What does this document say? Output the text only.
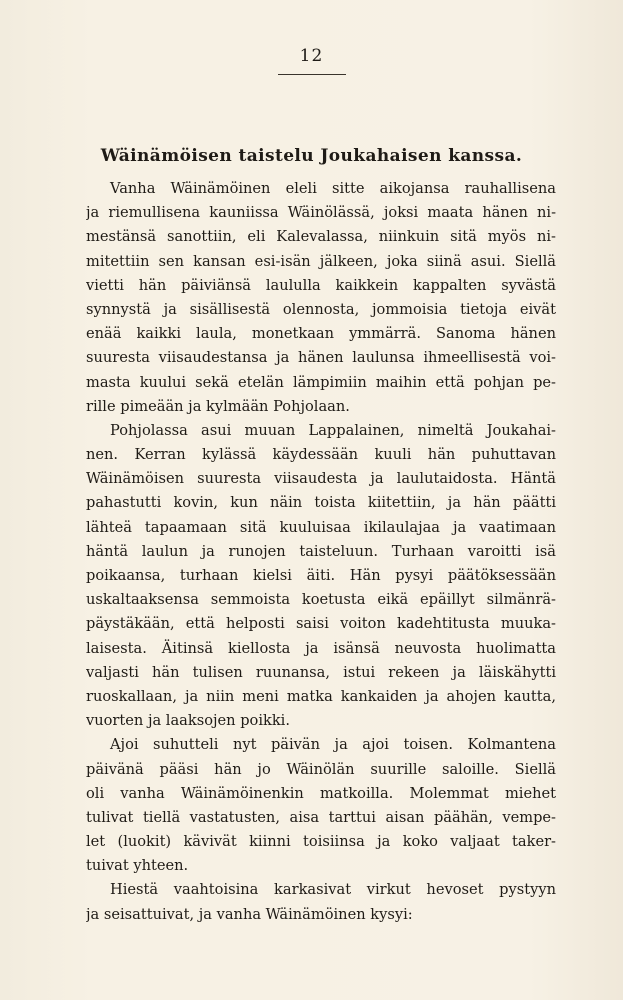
12
Wäinämöisen taistelu Joukahaisen kanssa.
Vanha Wäinämöinen eleli sitte aikojansa rauhallisena
ja riemullisena kauniissa Wäinölässä, joksi maata hänen ni-
mestänsä sanottiin, eli Kalevalassa, niinkuin sitä myös ni-
mitettiin sen kansan esi-isän jälkeen, joka siinä asui. Siellä
vietti hän päiviänsä laululla kaikkein kappalten syvästä
synnystä ja sisällisestä olennosta, jommoisia tietoja eivät
enää kaikki laula, monetkaan ymmärrä. Sanoma hänen
suuresta viisaudestansa ja hänen laulunsa ihmeellisestä voi-
masta kuului sekä etelän lämpimiin maihin että pohjan pe-
rille pimeään ja kylmään Pohjolaan.
Pohjolassa asui muuan Lappalainen, nimeltä Joukahai-
nen. Kerran kylässä käydessään kuuli hän puhuttavan
Wäinämöisen suuresta viisaudesta ja laulutaidosta. Häntä
pahastutti kovin, kun näin toista kiitettiin, ja hän päätti
lähteä tapaamaan sitä kuuluisaa ikilaulajaa ja vaatimaan
häntä laulun ja runojen taisteluun. Turhaan varoitti isä
poikaansa, turhaan kielsi äiti. Hän pysyi päätöksessään
uskaltaaksensa semmoista koetusta eikä epäillyt silmänrä-
päystäkään, että helposti saisi voiton kadehtitusta muuka-
laisesta. Äitinsä kiellosta ja isänsä neuvosta huolimatta
valjasti hän tulisen ruunansa, istui rekeen ja läiskähytti
ruoskallaan, ja niin meni matka kankaiden ja ahojen kautta,
vuorten ja laaksojen poikki.
Ajoi suhutteli nyt päivän ja ajoi toisen. Kolmantena
päivänä pääsi hän jo Wäinölän suurille saloille. Siellä
oli vanha Wäinämöinenkin matkoilla. Molemmat miehet
tulivat tiellä vastatusten, aisa tarttui aisan päähän, vempe-
let (luokit) kävivät kiinni toisiinsa ja koko valjaat taker-
tuivat yhteen.
Hiestä vaahtoisina karkasivat virkut hevoset pystyyn
ja seisattuivat, ja vanha Wäinämöinen kysyi:
